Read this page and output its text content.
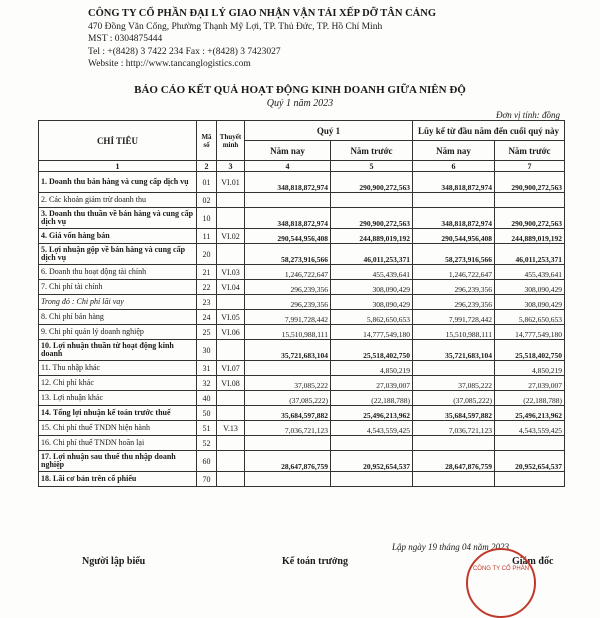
CÔNG TY CỔ PHẦN ĐẠI LÝ GIAO NHẬN VẬN TẢI XẾP DỠ TÂN CẢNG
470 Đồng Văn Cống, Phường Thạnh Mỹ Lợi, TP. Thủ Đức, TP. Hồ Chí Minh
MST : 0304875444
Tel : +(8428) 3 7422 234 Fax : +(8428) 3 7423027
Website : http://www.tancanglogistics.com
BÁO CÁO KẾT QUẢ HOẠT ĐỘNG KINH DOANH GIỮA NIÊN ĐỘ
Quý 1 năm 2023
Đơn vị tính: đồng
CHỈ TIÊU	Mã số	Thuyết minh	Quý 1		Lũy kế từ đầu năm đến cuối quý này	
			Năm nay	Năm trước	Năm nay	Năm trước
1	2	3	4	5	6	7
1. Doanh thu bán hàng và cung cấp dịch vụ	01	VI.01	348,818,872,974	290,900,272,563	348,818,872,974	290,900,272,563
2. Các khoản giảm trừ doanh thu	02					
3. Doanh thu thuần về bán hàng và cung cấp dịch vụ	10		348,818,872,974	290,900,272,563	348,818,872,974	290,900,272,563
4. Giá vốn hàng bán	11	VI.02	290,544,956,408	244,889,019,192	290,544,956,408	244,889,019,192
5. Lợi nhuận gộp về bán hàng và cung cấp dịch vụ	20		58,273,916,566	46,011,253,371	58,273,916,566	46,011,253,371
6. Doanh thu hoạt động tài chính	21	VI.03	1,246,722,647	455,439,641	1,246,722,647	455,439,641
7. Chi phí tài chính	22	VI.04	296,239,356	308,090,429	296,239,356	308,090,429
Trong đó : Chi phí lãi vay	23		296,239,356	308,090,429	296,239,356	308,090,429
8. Chi phí bán hàng	24	VI.05	7,991,728,442	5,862,650,653	7,991,728,442	5,862,650,653
9. Chi phí quản lý doanh nghiệp	25	VI.06	15,510,988,111	14,777,549,180	15,510,988,111	14,777,549,180
10. Lợi nhuận thuần từ hoạt động kinh doanh	30		35,721,683,104	25,518,402,750	35,721,683,104	25,518,402,750
11. Thu nhập khác	31	VI.07		4,850,219		4,850,219
12. Chi phí khác	32	VI.08	37,085,222	27,039,007	37,085,222	27,039,007
13. Lợi nhuận khác	40		(37,085,222)	(22,188,788)	(37,085,222)	(22,188,788)
14. Tổng lợi nhuận kế toán trước thuế	50		35,684,597,882	25,496,213,962	35,684,597,882	25,496,213,962
15. Chi phí thuế TNDN hiện hành	51	V.13	7,036,721,123	4,543,559,425	7,036,721,123	4,543,559,425
16. Chi phí thuế TNDN hoãn lại	52					
17. Lợi nhuận sau thuế thu nhập doanh nghiệp	60		28,647,876,759	20,952,654,537	28,647,876,759	20,952,654,537
18. Lãi cơ bản trên cổ phiếu	70					
Lập ngày 19 tháng 04 năm 2023
Người lập biểu	Kế toán trưởng	Giám đốc
CÔNG TY CỔ PHẦN
